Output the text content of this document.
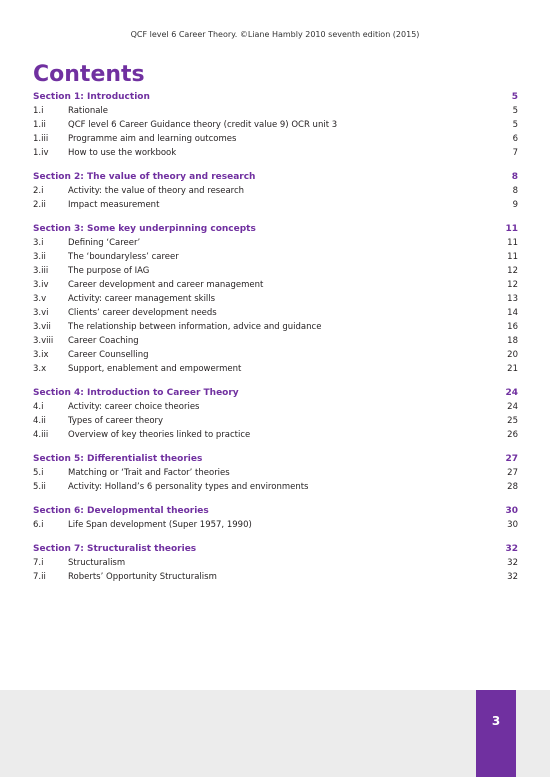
QCF level 6 Career Theory. ©Liane Hambly 2010 seventh edition (2015)
Contents
Section 1: Introduction	5
1.i	Rationale	5
1.ii	QCF level 6 Career Guidance theory (credit value 9) OCR unit 3	5
1.iii	Programme aim and learning outcomes	6
1.iv	How to use the workbook	7
Section 2: The value of theory and research	8
2.i	Activity: the value of theory and research	8
2.ii	Impact measurement	9
Section 3: Some key underpinning concepts	11
3.i	Defining ‘Career’	11
3.ii	The ‘boundaryless’ career	11
3.iii	The purpose of IAG	12
3.iv	Career development and career management	12
3.v	Activity: career management skills	13
3.vi	Clients’ career development needs	14
3.vii	The relationship between information, advice and guidance	16
3.viii	Career Coaching	18
3.ix	Career Counselling	20
3.x	Support, enablement and empowerment	21
Section 4: Introduction to Career Theory	24
4.i	Activity: career choice theories	24
4.ii	Types of career theory	25
4.iii	Overview of key theories linked to practice	26
Section 5: Differentialist theories	27
5.i	Matching or ‘Trait and Factor’ theories	27
5.ii	Activity: Holland’s 6 personality types and environments	28
Section 6: Developmental theories	30
6.i	Life Span development (Super 1957, 1990)	30
Section 7: Structuralist theories	32
7.i	Structuralism	32
7.ii	Roberts’ Opportunity Structuralism	32
3
